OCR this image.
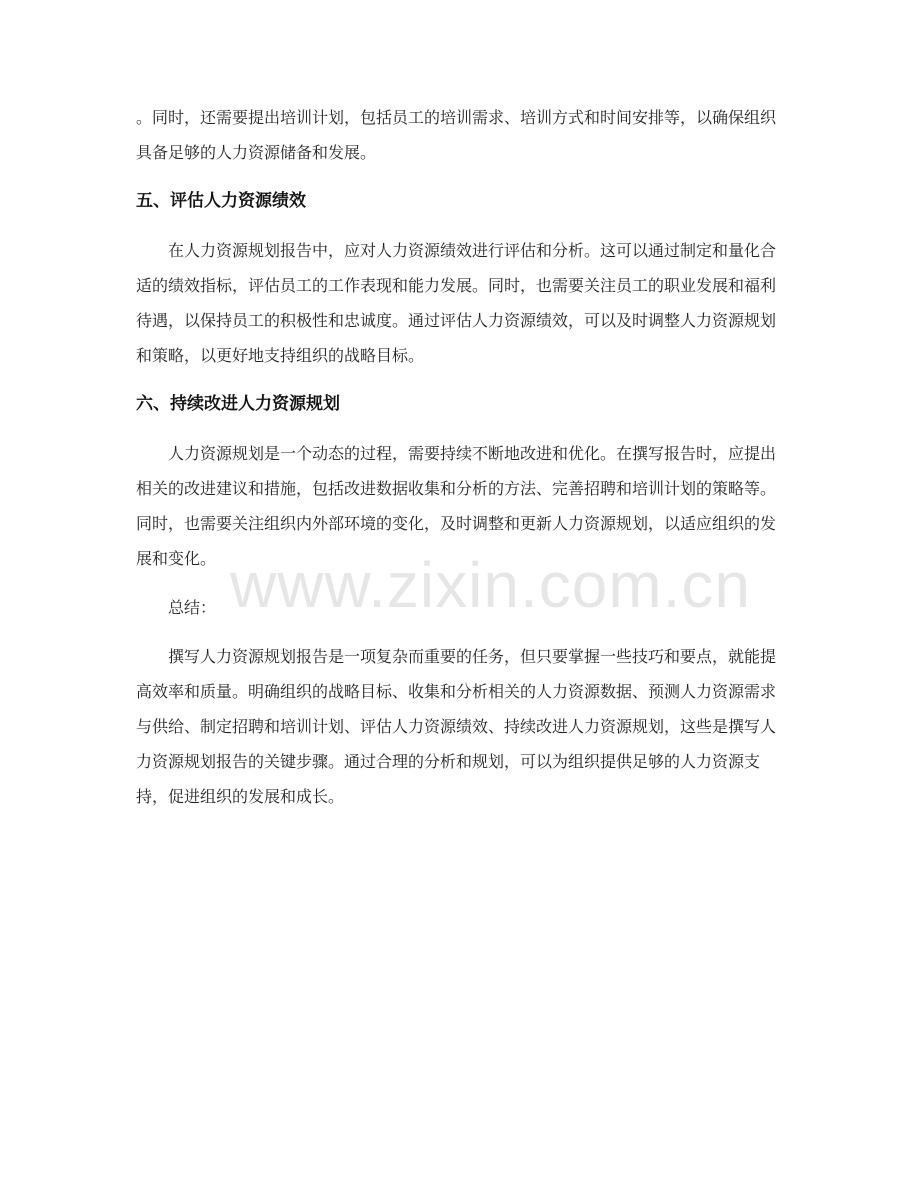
。同时，还需要提出培训计划，包括员工的培训需求、培训方式和时间安排等，以确保组织具备足够的人力资源储备和发展。

五、评估人力资源绩效

在人力资源规划报告中，应对人力资源绩效进行评估和分析。这可以通过制定和量化合适的绩效指标，评估员工的工作表现和能力发展。同时，也需要关注员工的职业发展和福利待遇，以保持员工的积极性和忠诚度。通过评估人力资源绩效，可以及时调整人力资源规划和策略，以更好地支持组织的战略目标。

六、持续改进人力资源规划

人力资源规划是一个动态的过程，需要持续不断地改进和优化。在撰写报告时，应提出相关的改进建议和措施，包括改进数据收集和分析的方法、完善招聘和培训计划的策略等。同时，也需要关注组织内外部环境的变化，及时调整和更新人力资源规划，以适应组织的发展和变化。

总结：

撰写人力资源规划报告是一项复杂而重要的任务，但只要掌握一些技巧和要点，就能提高效率和质量。明确组织的战略目标、收集和分析相关的人力资源数据、预测人力资源需求与供给、制定招聘和培训计划、评估人力资源绩效、持续改进人力资源规划，这些是撰写人力资源规划报告的关键步骤。通过合理的分析和规划，可以为组织提供足够的人力资源支持，促进组织的发展和成长。

www.zixin.com.cn
